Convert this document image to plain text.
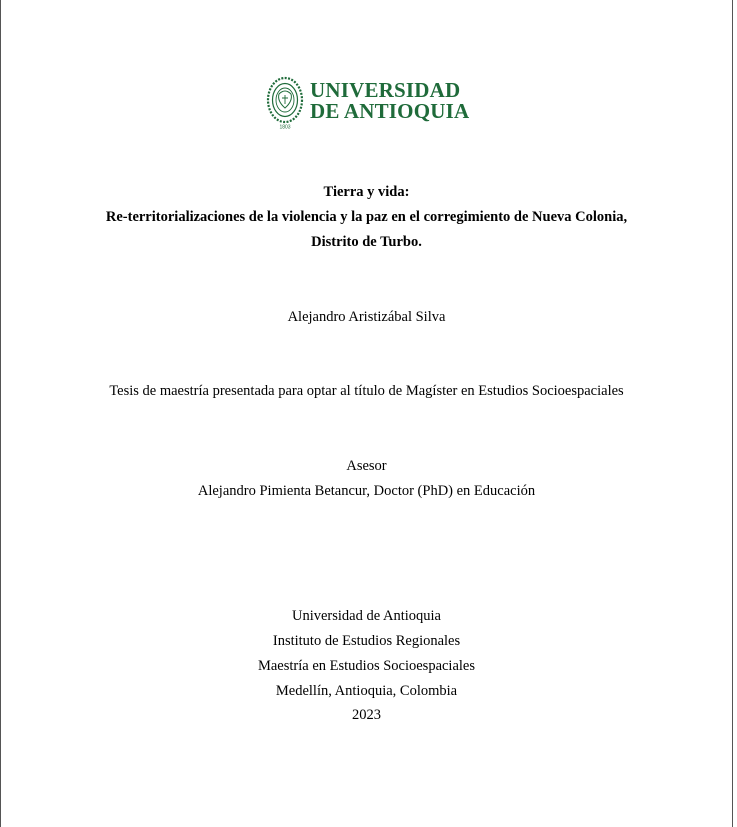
1803
UNIVERSIDAD
DE ANTIOQUIA
Tierra y vida:
Re-territorializaciones de la violencia y la paz en el corregimiento de Nueva Colonia,
Distrito de Turbo.
Alejandro Aristizábal Silva
Tesis de maestría presentada para optar al título de Magíster en Estudios Socioespaciales
Asesor
Alejandro Pimienta Betancur, Doctor (PhD) en Educación
Universidad de Antioquia
Instituto de Estudios Regionales
Maestría en Estudios Socioespaciales
Medellín, Antioquia, Colombia
2023
